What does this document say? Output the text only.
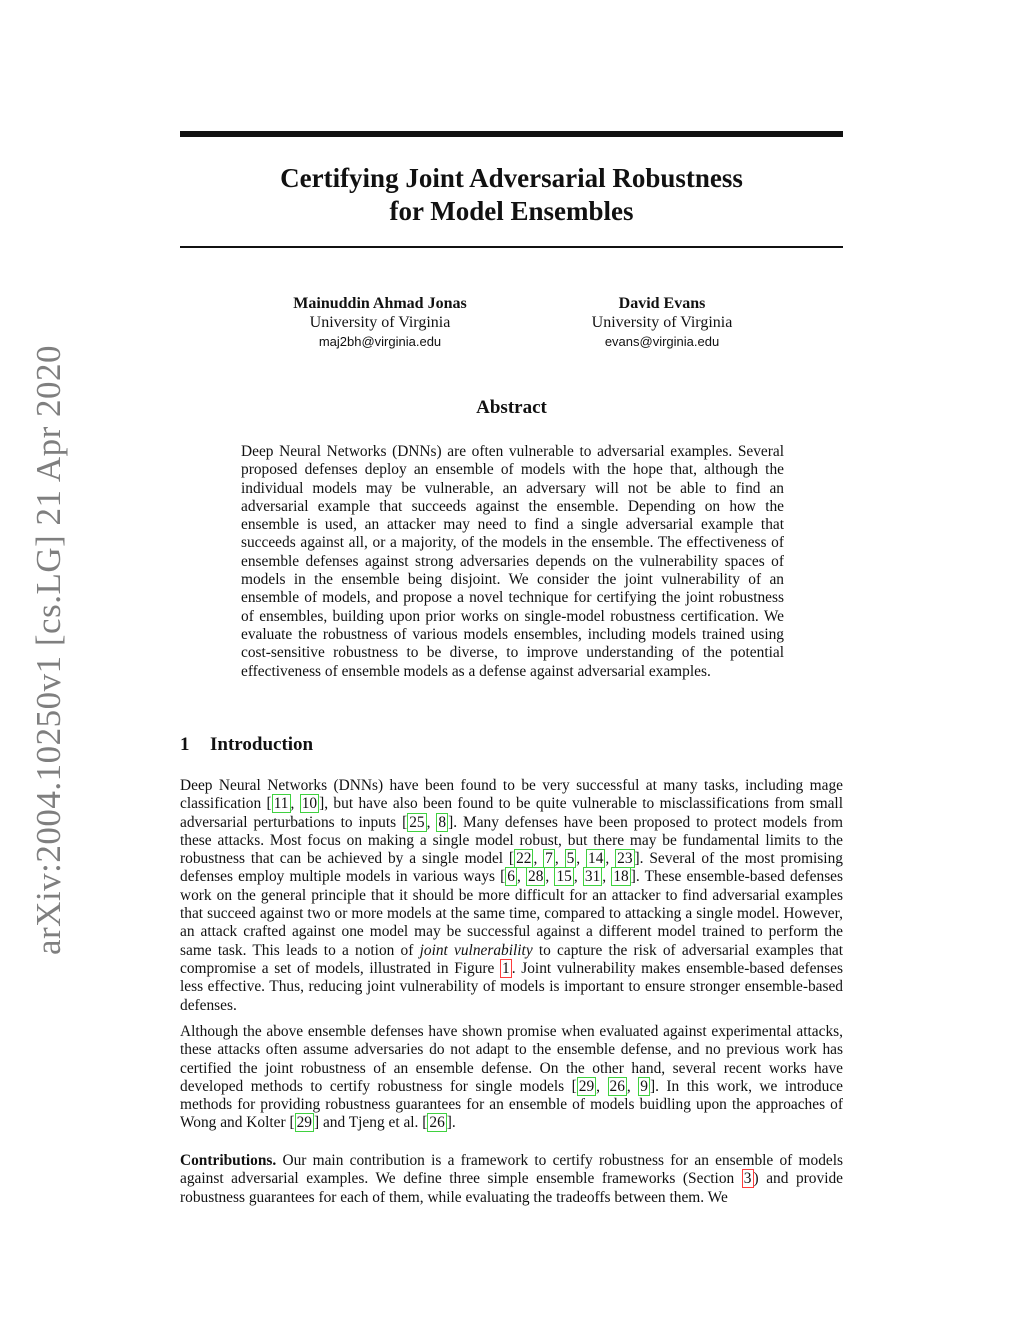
arXiv:2004.10250v1 [cs.LG] 21 Apr 2020
Certifying Joint Adversarial Robustness
for Model Ensembles
Mainuddin Ahmad Jonas
University of Virginia
maj2bh@virginia.edu
David Evans
University of Virginia
evans@virginia.edu
Abstract

Deep Neural Networks (DNNs) are often vulnerable to adversarial examples. Several proposed defenses deploy an ensemble of models with the hope that, although the individual models may be vulnerable, an adversary will not be able to find an adversarial example that succeeds against the ensemble. Depending on how the ensemble is used, an attacker may need to find a single adversarial example that succeeds against all, or a majority, of the models in the ensemble. The effectiveness of ensemble defenses against strong adversaries depends on the vulnerability spaces of models in the ensemble being disjoint. We consider the joint vulnerability of an ensemble of models, and propose a novel technique for certifying the joint robustness of ensembles, building upon prior works on single-model robustness certification. We evaluate the robustness of various models ensembles, including models trained using cost-sensitive robustness to be diverse, to improve understanding of the potential effectiveness of ensemble models as a defense against adversarial examples.

1 Introduction

Deep Neural Networks (DNNs) have been found to be very successful at many tasks, including mage classification [ 11 , 10 ], but have also been found to be quite vulnerable to misclassifications from small adversarial perturbations to inputs [ 25 , 8 ]. Many defenses have been proposed to protect models from these attacks. Most focus on making a single model robust, but there may be fundamental limits to the robustness that can be achieved by a single model [ 22 , 7 , 5 , 14 , 23 ]. Several of the most promising defenses employ multiple models in various ways [ 6 , 28 , 15 , 31 , 18 ]. These ensemble-based defenses work on the general principle that it should be more difficult for an attacker to find adversarial examples that succeed against two or more models at the same time, compared to attacking a single model. However, an attack crafted against one model may be successful against a different model trained to perform the same task. This leads to a notion of joint vulnerability to capture the risk of adversarial examples that compromise a set of models, illustrated in Figure 1 . Joint vulnerability makes ensemble-based defenses less effective. Thus, reducing joint vulnerability of models is important to ensure stronger ensemble-based defenses.

Although the above ensemble defenses have shown promise when evaluated against experimental attacks, these attacks often assume adversaries do not adapt to the ensemble defense, and no previous work has certified the joint robustness of an ensemble defense. On the other hand, several recent works have developed methods to certify robustness for single models [ 29 , 26 , 9 ]. In this work, we introduce methods for providing robustness guarantees for an ensemble of models buidling upon the approaches of Wong and Kolter [ 29 ] and Tjeng et al. [ 26 ].

Contributions. Our main contribution is a framework to certify robustness for an ensemble of models against adversarial examples. We define three simple ensemble frameworks (Section 3 ) and provide robustness guarantees for each of them, while evaluating the tradeoffs between them. We
